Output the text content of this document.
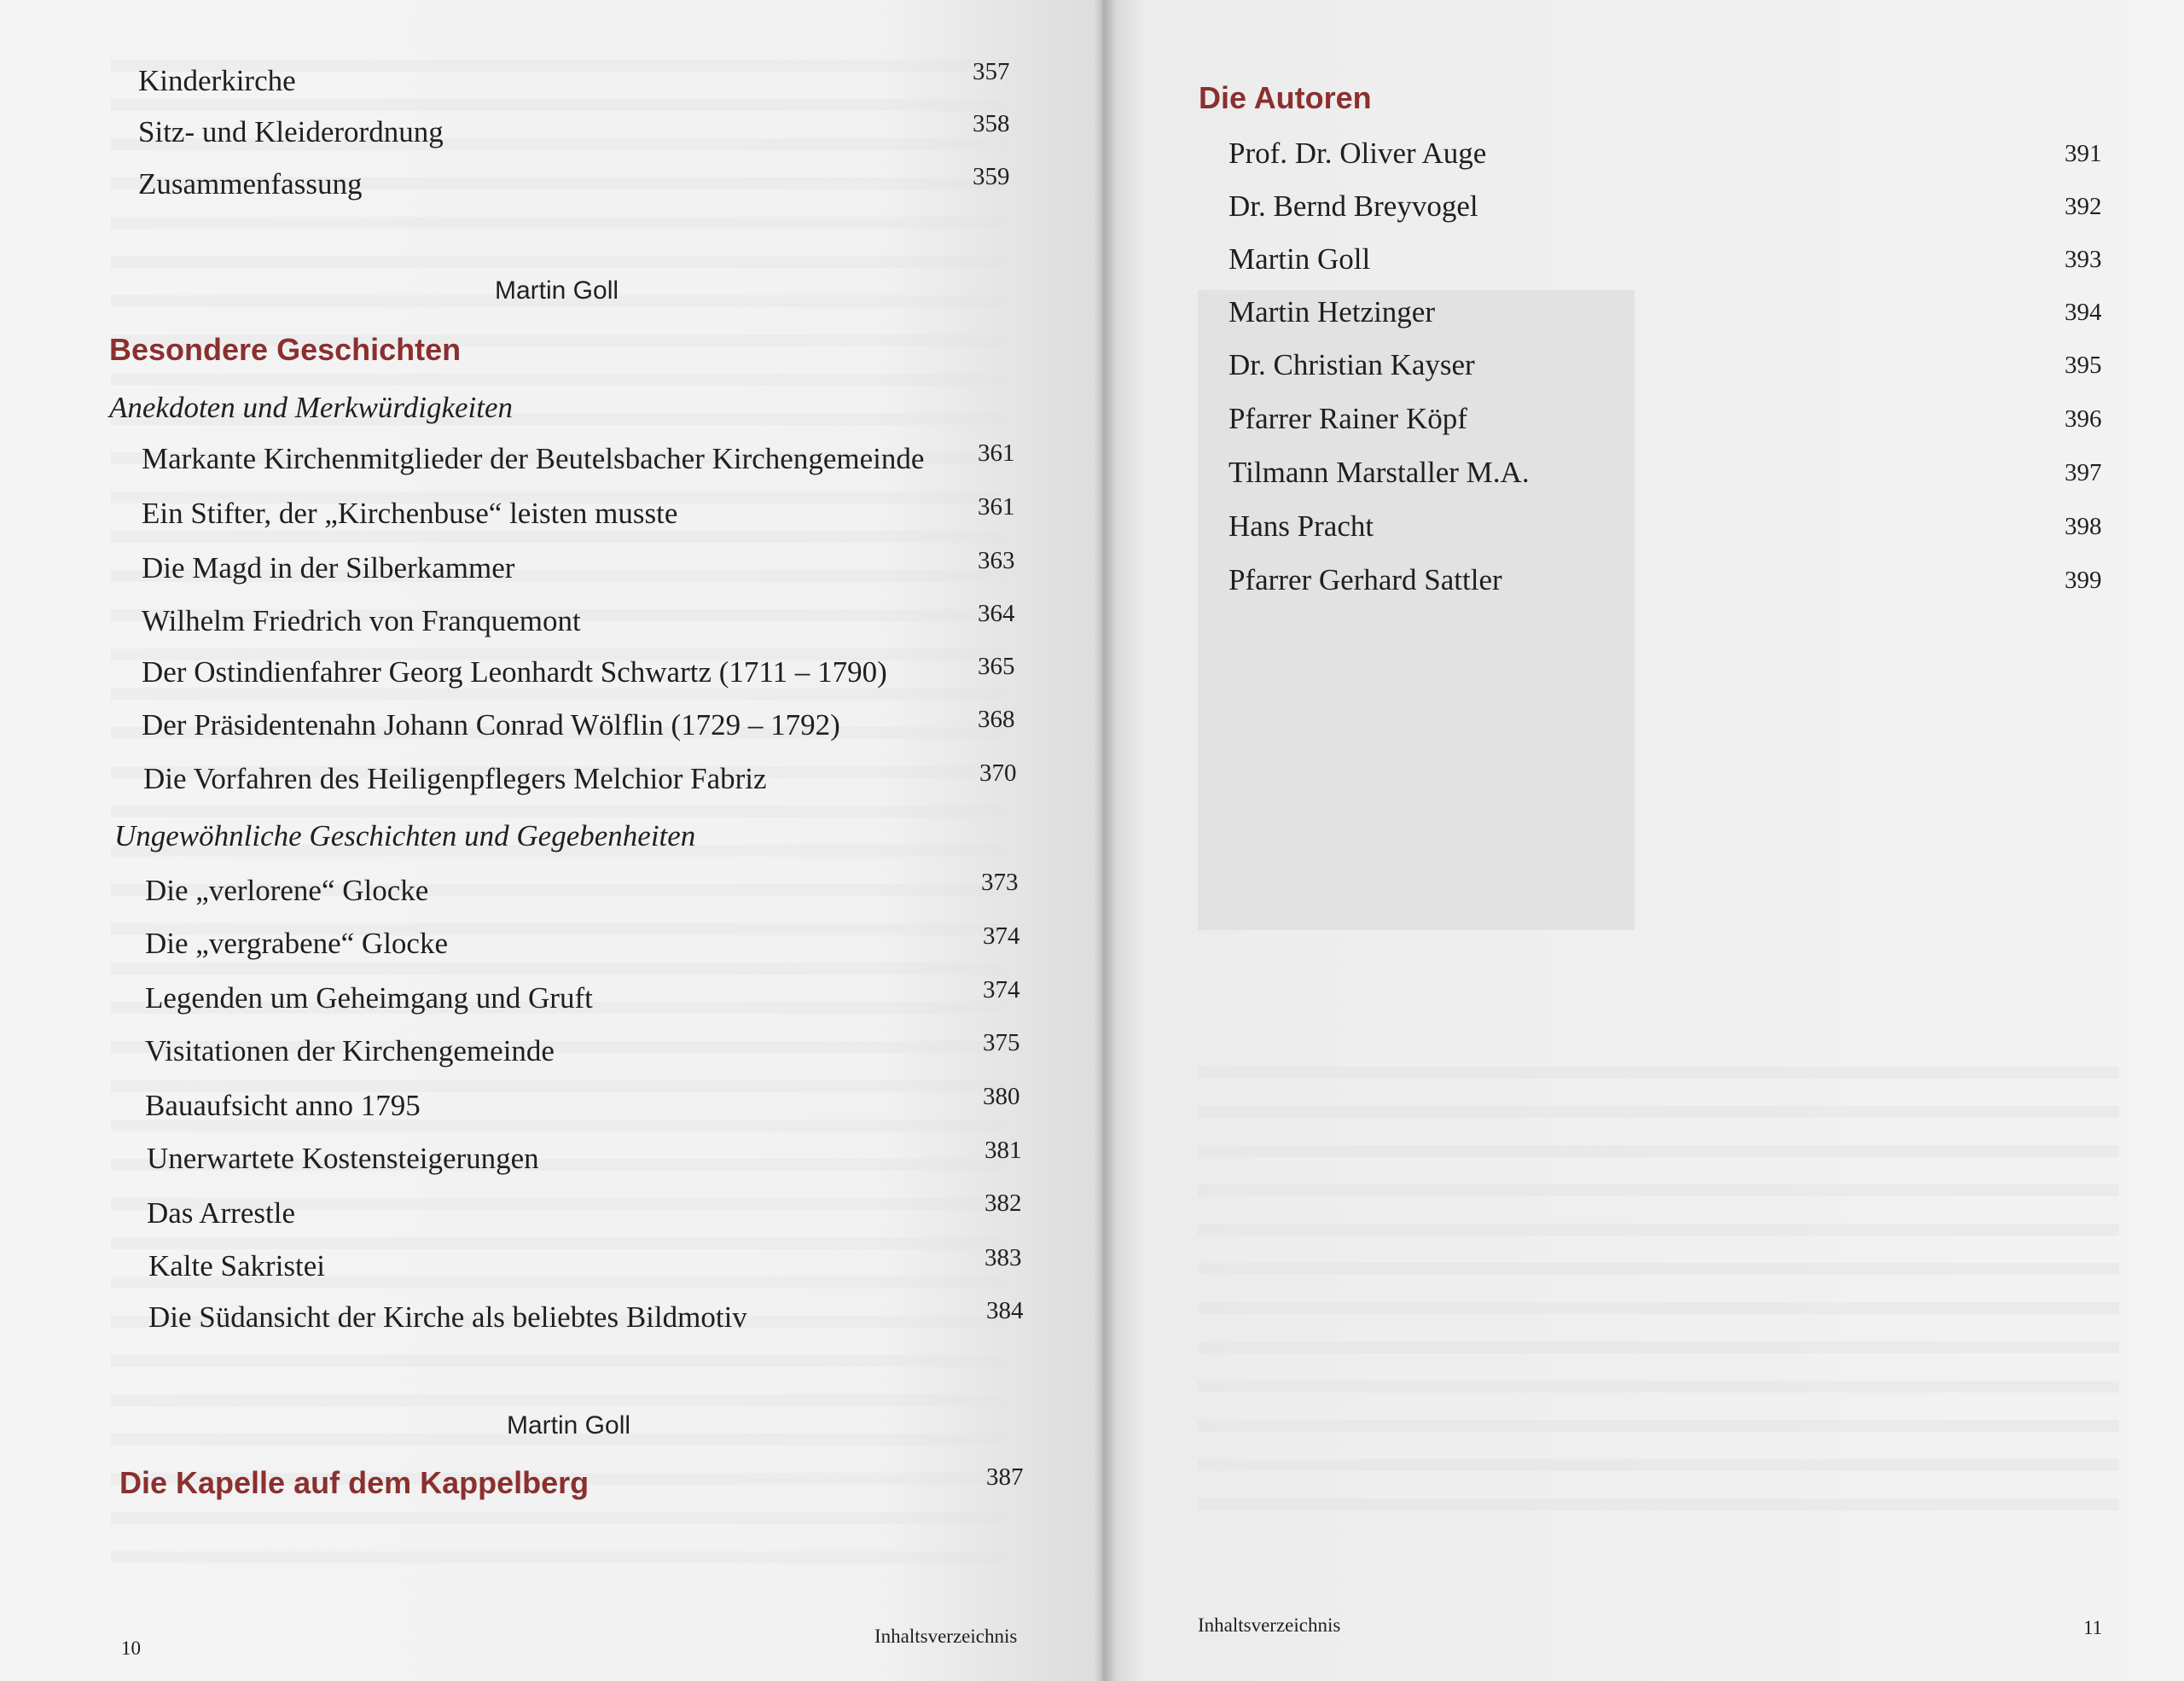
⠀⠀⠀⠀⠀⠀⠀⠀⠀⠀⠀⠀⠀⠀
Kinderkirche	357
Sitz- und Kleiderordnung	358
Zusammenfassung	359
Martin Goll
Besondere Geschichten
Anekdoten und Merkwürdigkeiten
Markante Kirchenmitglieder der Beutelsbacher Kirchengemeinde 361
Ein Stifter, der „Kirchenbuse“ leisten musste	361
Die Magd in der Silberkammer	363
Wilhelm Friedrich von Franquemont	364
Der Ostindienfahrer Georg Leonhardt Schwartz (1711 – 1790)	365
Der Präsidentenahn Johann Conrad Wölflin (1729 – 1792)	368
Die Vorfahren des Heiligenpflegers Melchior Fabriz	370
Ungewöhnliche Geschichten und Gegebenheiten
Die „verlorene“ Glocke	373
Die „vergrabene“ Glocke	374
Legenden um Geheimgang und Gruft	374
Visitationen der Kirchengemeinde	375
Bauaufsicht anno 1795	380
Unerwartete Kostensteigerungen	381
Das Arrestle	382
Kalte Sakristei	383
Die Südansicht der Kirche als beliebtes Bildmotiv	384
Martin Goll
Die Kapelle auf dem Kappelberg	387
10
Inhaltsverzeichnis
Die Autoren
Prof. Dr. Oliver Auge	391
Dr. Bernd Breyvogel	392
Martin Goll	393
Martin Hetzinger	394
Dr. Christian Kayser	395
Pfarrer Rainer Köpf	396
Tilmann Marstaller M.A.	397
Hans Pracht	398
Pfarrer Gerhard Sattler	399
Inhaltsverzeichnis	11
